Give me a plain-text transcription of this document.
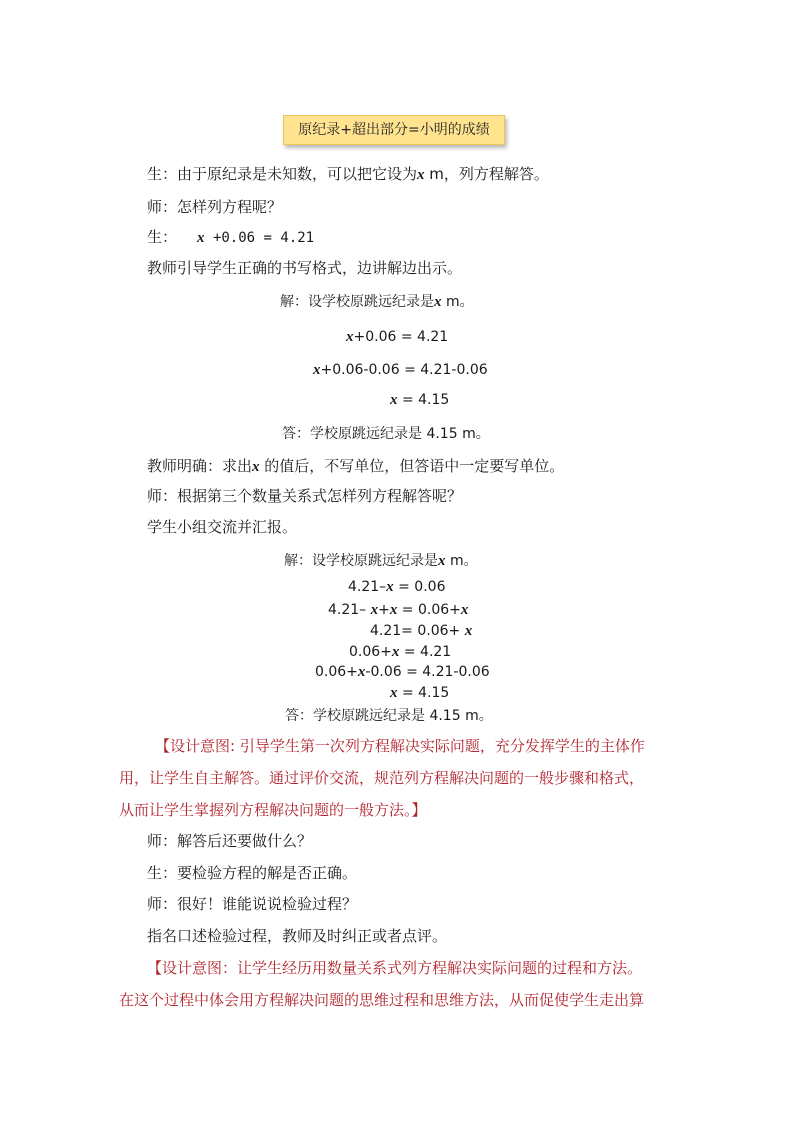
原纪录+超出部分=小明的成绩
生：由于原纪录是未知数，可以把它设为x m，列方程解答。
师：怎样列方程呢？
生： x +0.06 = 4.21
教师引导学生正确的书写格式，边讲解边出示。
解：设学校原跳远纪录是x m。
x+0.06 = 4.21
x+0.06-0.06 = 4.21-0.06
x = 4.15
答：学校原跳远纪录是 4.15 m。
教师明确：求出x 的值后，不写单位，但答语中一定要写单位。
师：根据第三个数量关系式怎样列方程解答呢？
学生小组交流并汇报。
解：设学校原跳远纪录是x m。
4.21–x = 0.06
4.21– x+x = 0.06+x
4.21= 0.06+ x
0.06+x = 4.21
0.06+x-0.06 = 4.21-0.06
x = 4.15
答：学校原跳远纪录是 4.15 m。
【设计意图: 引导学生第一次列方程解决实际问题，充分发挥学生的主体作
用，让学生自主解答。通过评价交流，规范列方程解决问题的一般步骤和格式，
从而让学生掌握列方程解决问题的一般方法。】
师：解答后还要做什么？
生：要检验方程的解是否正确。
师：很好！谁能说说检验过程？
指名口述检验过程，教师及时纠正或者点评。
【设计意图：让学生经历用数量关系式列方程解决实际问题的过程和方法。
在这个过程中体会用方程解决问题的思维过程和思维方法，从而促使学生走出算
